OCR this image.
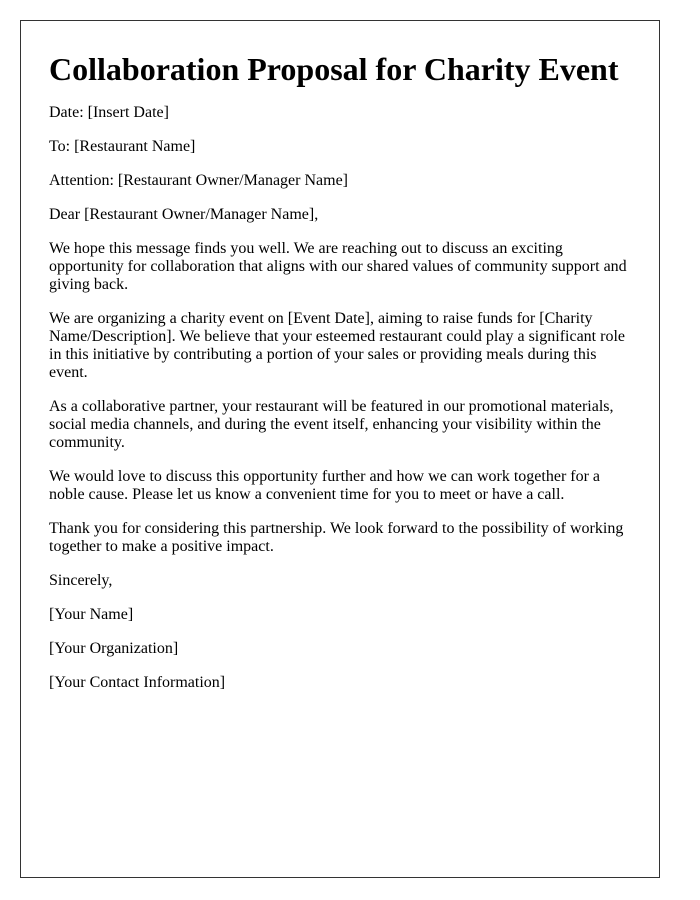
Collaboration Proposal for Charity Event

Date: [Insert Date]

To: [Restaurant Name]

Attention: [Restaurant Owner/Manager Name]

Dear [Restaurant Owner/Manager Name],

We hope this message finds you well. We are reaching out to discuss an exciting opportunity for collaboration that aligns with our shared values of community support and giving back.

We are organizing a charity event on [Event Date], aiming to raise funds for [Charity Name/Description]. We believe that your esteemed restaurant could play a significant role in this initiative by contributing a portion of your sales or providing meals during this event.

As a collaborative partner, your restaurant will be featured in our promotional materials, social media channels, and during the event itself, enhancing your visibility within the community.

We would love to discuss this opportunity further and how we can work together for a noble cause. Please let us know a convenient time for you to meet or have a call.

Thank you for considering this partnership. We look forward to the possibility of working together to make a positive impact.

Sincerely,

[Your Name]

[Your Organization]

[Your Contact Information]
